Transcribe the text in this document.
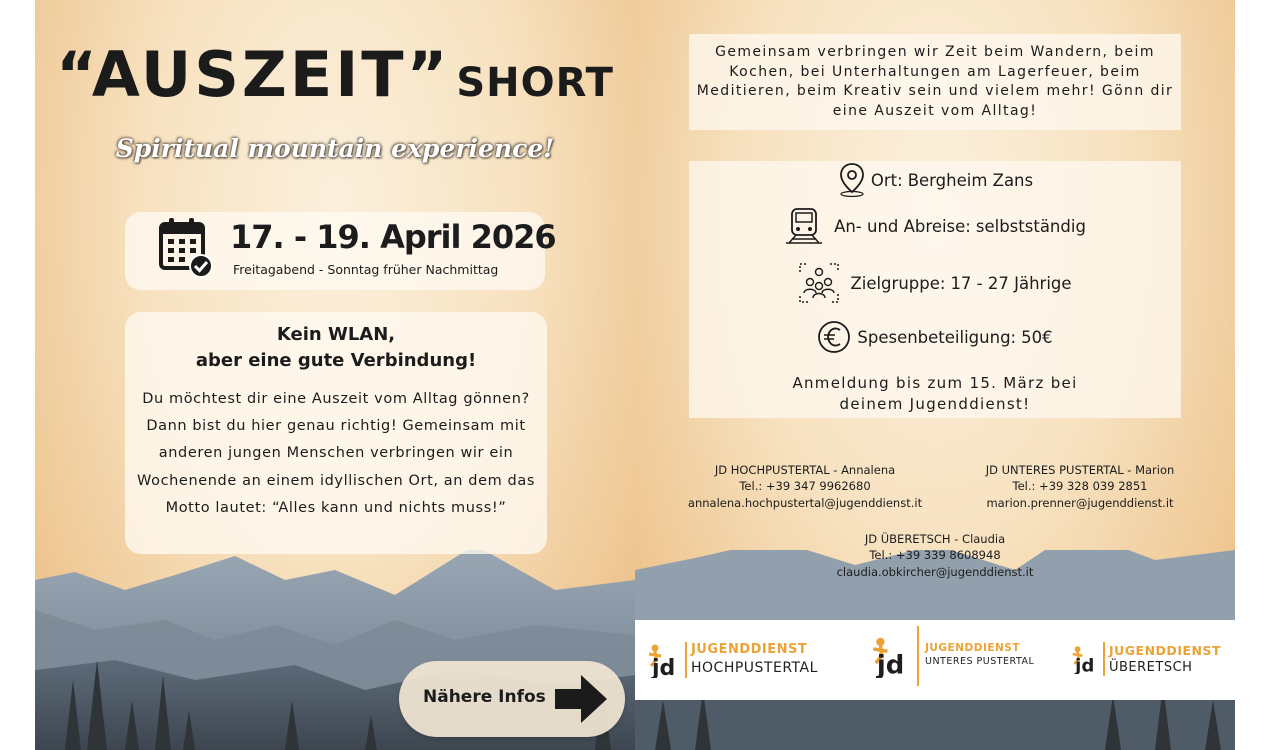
“AUSZEIT” SHORT
Spiritual mountain experience!
17. - 19. April 2026
Freitagabend - Sonntag früher Nachmittag
Kein WLAN,
aber eine gute Verbindung!
Du möchtest dir eine Auszeit vom Alltag gönnen? Dann bist du hier genau richtig! Gemeinsam mit anderen jungen Menschen verbringen wir ein Wochenende an einem idyllischen Ort, an dem das Motto lautet: “Alles kann und nichts muss!”
Nähere Infos
Gemeinsam verbringen wir Zeit beim Wandern, beim Kochen, bei Unterhaltungen am Lagerfeuer, beim Meditieren, beim Kreativ sein und vielem mehr! Gönn dir eine Auszeit vom Alltag!
Ort: Bergheim Zans
An- und Abreise: selbstständig
Zielgruppe: 17 - 27 Jährige
Spesenbeteiligung: 50€
Anmeldung bis zum 15. März bei
deinem Jugenddienst!
JD HOCHPUSTERTAL - Annalena
Tel.: +39 347 9962680
annalena.hochpustertal@jugenddienst.it
JD UNTERES PUSTERTAL - Marion
Tel.: +39 328 039 2851
marion.prenner@jugenddienst.it
JD ÜBERETSCH - Claudia
Tel.: +39 339 8608948
claudia.obkircher@jugenddienst.it
jd
JUGENDDIENST
HOCHPUSTERTAL	jd
JUGENDDIENST
UNTERES PUSTERTAL jd
JUGENDDIENST
ÜBERETSCH
